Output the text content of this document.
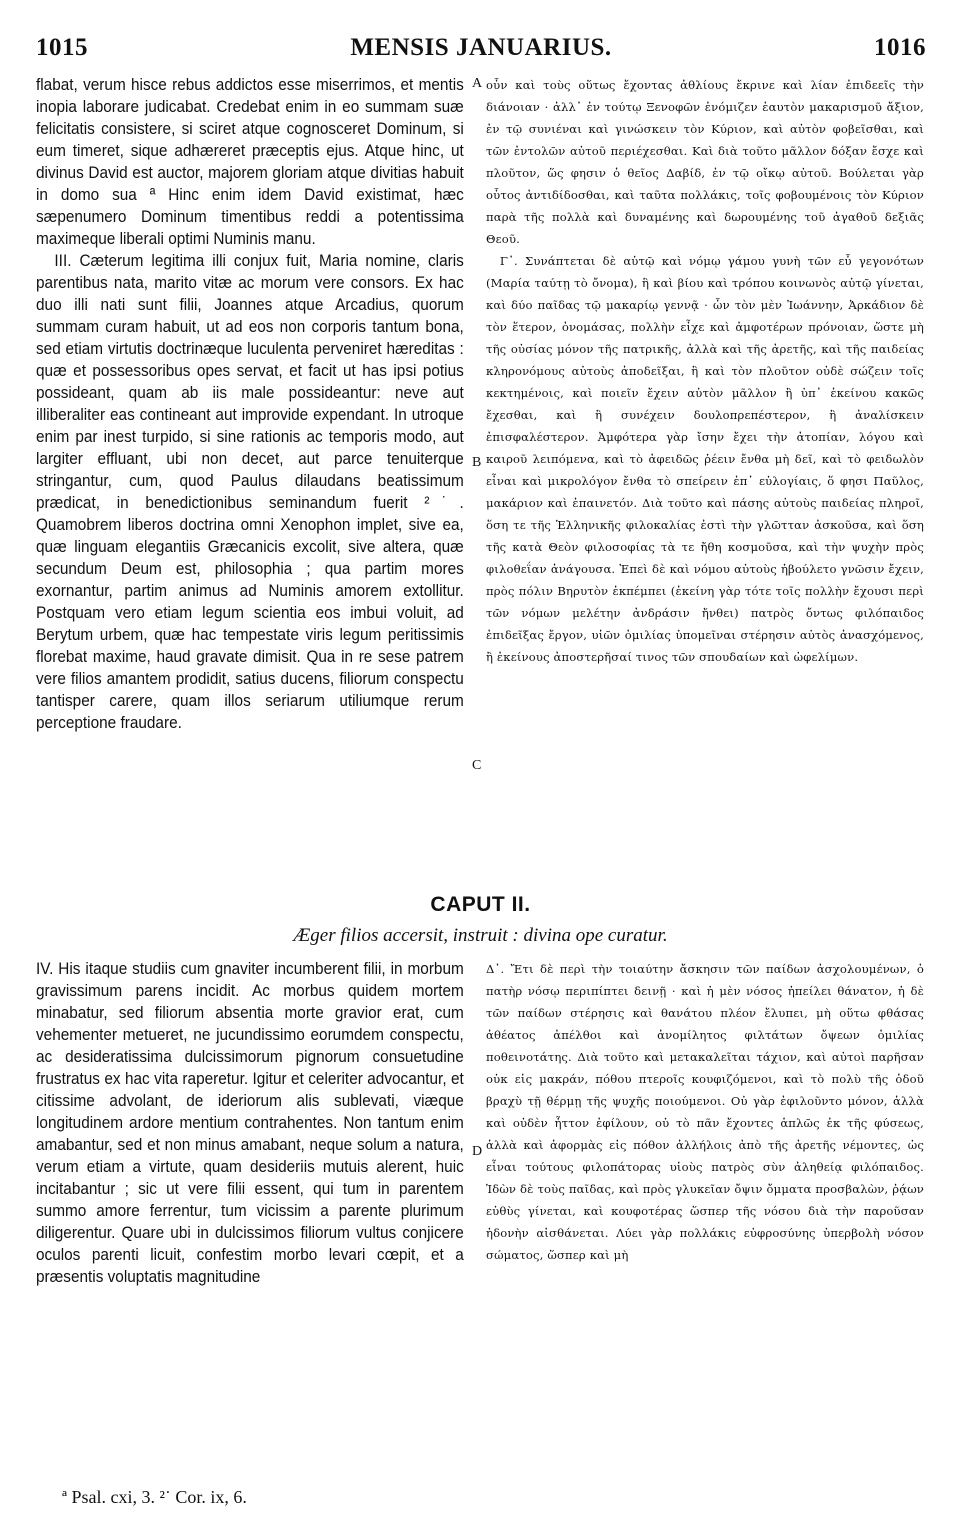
1015	MENSIS JANUARIUS.	1016

flabat, verum hisce rebus addictos esse miserrimos, et mentis inopia laborare judicabat. Credebat enim in eo summam suæ felicitatis consistere, si sciret atque cognosceret Dominum, si eum timeret, sique adhæreret præceptis ejus. Atque hinc, ut divinus David est auctor, majorem gloriam atque divitias habuit in domo sua ª Hinc enim idem David existimat, hæc sæpenumero Dominum timentibus reddi a potentissima maximeque liberali optimi Numinis manu.

III. Cæterum legitima illi conjux fuit, Maria nomine, claris parentibus nata, marito vitæ ac morum vere consors. Ex hac duo illi nati sunt filii, Joannes atque Arcadius, quorum summam curam habuit, ut ad eos non corporis tantum bona, sed etiam virtutis doctrinæque luculenta perveniret hæreditas : quæ et possessoribus opes servat, et facit ut has ipsi potius possideant, quam ab iis male possideantur: neve aut illiberaliter eas contineant aut improvide expendant. In utroque enim par inest turpido, si sine rationis ac temporis modo, aut largiter effluant, ubi non decet, aut parce tenuiterque stringantur, cum, quod Paulus dilaudans beatissimum prædicat, in benedictionibus seminandum fuerit ²˙. Quamobrem liberos doctrina omni Xenophon implet, sive ea, quæ linguam elegantiis Græcanicis excolit, sive altera, quæ secundum Deum est, philosophia ; qua partim mores exornantur, partim animus ad Numinis amorem extollitur. Postquam vero etiam legum scientia eos imbui voluit, ad Berytum urbem, quæ hac tempestate viris legum peritissimis florebat maxime, haud gravate dimisit. Qua in re sese patrem vere filios amantem prodidit, satius ducens, filiorum conspectu tantisper carere, quam illos seriarum utiliumque rerum perceptione fraudare.

A
B
C

οὖν καὶ τοὺς οὕτως ἔχοντας ἀθλίους ἔκρινε καὶ λίαν ἐπιδεεῖς τὴν διάνοιαν · ἀλλ᾽ ἐν τούτῳ Ξενοφῶν ἐνόμιζεν ἑαυτὸν μακαρισμοῦ ἄξιον, ἐν τῷ συνιέναι καὶ γινώσκειν τὸν Κύριον, καὶ αὐτὸν φοβεῖσθαι, καὶ τῶν ἐντολῶν αὐτοῦ περιέχεσθαι. Καὶ διὰ τοῦτο μᾶλλον δόξαν ἔσχε καὶ πλοῦτον, ὥς φησιν ὁ θεῖος Δαβίδ, ἐν τῷ οἴκῳ αὐτοῦ. Βούλεται γὰρ οὗτος ἀντιδίδοσθαι, καὶ ταῦτα πολλάκις, τοῖς φοβουμένοις τὸν Κύριον παρὰ τῆς πολλὰ καὶ δυναμένης καὶ δωρουμένης τοῦ ἀγαθοῦ δεξιᾶς Θεοῦ.

Γ᾽. Συνάπτεται δὲ αὐτῷ καὶ νόμῳ γάμου γυνὴ τῶν εὖ γεγονότων (Μαρία ταύτῃ τὸ ὄνομα), ἣ καὶ βίου καὶ τρόπου κοινωνὸς αὐτῷ γίνεται, καὶ δύο παῖδας τῷ μακαρίῳ γεννᾷ · ὧν τὸν μὲν Ἰωάννην, Ἀρκάδιον δὲ τὸν ἕτερον, ὀνομάσας, πολλὴν εἶχε καὶ ἀμφοτέρων πρόνοιαν, ὥστε μὴ τῆς οὐσίας μόνον τῆς πατρικῆς, ἀλλὰ καὶ τῆς ἀρετῆς, καὶ τῆς παιδείας κληρονόμους αὐτοὺς ἀποδεῖξαι, ἣ καὶ τὸν πλοῦτον οὐδὲ σώζειν τοῖς κεκτημένοις, καὶ ποιεῖν ἔχειν αὐτὸν μᾶλλον ἢ ὑπ᾽ ἐκείνου κακῶς ἔχεσθαι, καὶ ἢ συνέχειν δουλοπρεπέστερον, ἢ ἀναλίσκειν ἐπισφαλέστερον. Ἀμφότερα γὰρ ἴσην ἔχει τὴν ἀτοπίαν, λόγου καὶ καιροῦ λειπόμενα, καὶ τὸ ἀφειδῶς ῥέειν ἔνθα μὴ δεῖ, καὶ τὸ φειδωλὸν εἶναι καὶ μικρολόγον ἔνθα τὸ σπείρειν ἐπ᾽ εὐλογίαις, ὅ φησι Παῦλος, μακάριον καὶ ἐπαινετόν. Διὰ τοῦτο καὶ πάσης αὐτοὺς παιδείας πληροῖ, ὅση τε τῆς Ἑλληνικῆς φιλοκαλίας ἐστὶ τὴν γλῶτταν ἀσκοῦσα, καὶ ὅση τῆς κατὰ Θεὸν φιλοσοφίας τὰ τε ἤθη κοσμοῦσα, καὶ τὴν ψυχὴν πρὸς φιλοθεΐαν ἀνάγουσα. Ἐπεὶ δὲ καὶ νόμου αὐτοὺς ἠβούλετο γνῶσιν ἔχειν, πρὸς πόλιν Βηρυτὸν ἐκπέμπει (ἐκείνη γὰρ τότε τοῖς πολλὴν ἔχουσι περὶ τῶν νόμων μελέτην ἀνδράσιν ἤνθει) πατρὸς ὄντως φιλόπαιδος ἐπιδεῖξας ἔργον, υἱῶν ὁμιλίας ὑπομεῖναι στέρησιν αὐτὸς ἀνασχόμενος, ἢ ἐκείνους ἀποστερῆσαί τινος τῶν σπουδαίων καὶ ὠφελίμων.

CAPUT II.
Æger filios accersit, instruit : divina ope curatur.

IV. His itaque studiis cum gnaviter incumberent filii, in morbum gravissimum parens incidit. Ac morbus quidem mortem minabatur, sed filiorum absentia morte gravior erat, cum vehementer metueret, ne jucundissimo eorumdem conspectu, ac desideratissima dulcissimorum pignorum consuetudine frustratus ex hac vita raperetur. Igitur et celeriter advocantur, et citissime advolant, de ideriorum alis sublevati, viæque longitudinem ardore mentium contrahentes. Non tantum enim amabantur, sed et non minus amabant, neque solum a natura, verum etiam a virtute, quam desideriis mutuis alerent, huic incitabantur ; sic ut vere filii essent, qui tum in parentem summo amore ferrentur, tum vicissim a parente plurimum diligerentur. Quare ubi in dulcissimos filiorum vultus conjicere oculos parenti licuit, confestim morbo levari cœpit, et a præsentis voluptatis magnitudine

D

Δ᾽. Ἔτι δὲ περὶ τὴν τοιαύτην ἄσκησιν τῶν παίδων ἀσχολουμένων, ὁ πατὴρ νόσῳ περιπίπτει δεινῇ · καὶ ἡ μὲν νόσος ἠπείλει θάνατον, ἡ δὲ τῶν παίδων στέρησις καὶ θανάτου πλέον ἔλυπει, μὴ οὕτω φθάσας ἀθέατος ἀπέλθοι καὶ ἀνομίλητος φιλτάτων ὄψεων ὁμιλίας ποθεινοτάτης. Διὰ τοῦτο καὶ μετακαλεῖται τάχιον, καὶ αὐτοὶ παρῆσαν οὐκ εἰς μακράν, πόθου πτεροῖς κουφιζόμενοι, καὶ τὸ πολὺ τῆς ὁδοῦ βραχὺ τῇ θέρμῃ τῆς ψυχῆς ποιούμενοι. Οὐ γὰρ ἐφιλοῦντο μόνον, ἀλλὰ καὶ οὐδὲν ἧττον ἐφίλουν, οὐ τὸ πᾶν ἔχοντες ἁπλῶς ἐκ τῆς φύσεως, ἀλλὰ καὶ ἀφορμὰς εἰς πόθον ἀλλήλοις ἀπὸ τῆς ἀρετῆς νέμοντες, ὡς εἶναι τούτους φιλοπάτορας υἱοὺς πατρὸς σὺν ἀληθείᾳ φιλόπαιδος. Ἰδὼν δὲ τοὺς παῖδας, καὶ πρὸς γλυκεῖαν ὄψιν ὄμματα προσβαλὼν, ῥᾴων εὐθὺς γίνεται, καὶ κουφοτέρας ὥσπερ τῆς νόσου διὰ τὴν παροῦσαν ἡδονὴν αἰσθάνεται. Λύει γὰρ πολλάκις εὐφροσύνης ὑπερβολὴ νόσον σώματος, ὥσπερ καὶ μὴ

ª Psal. cxi, 3. ²˙ Cor. ix, 6.
